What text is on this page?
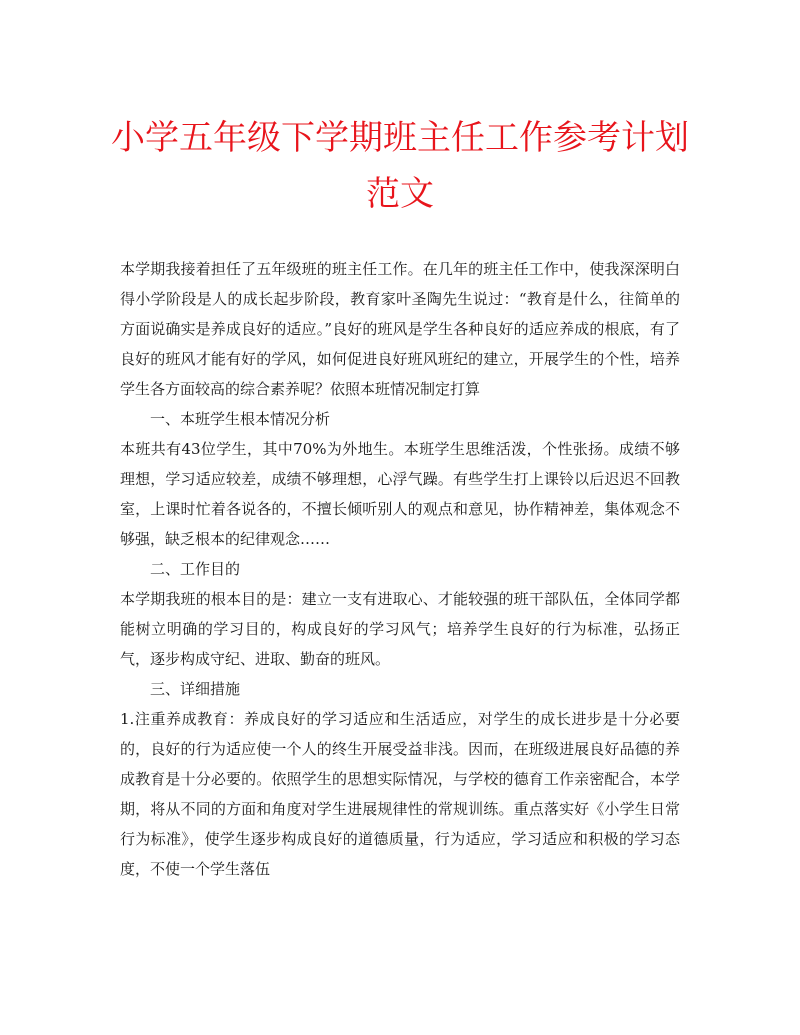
小学五年级下学期班主任工作参考计划范文

本学期我接着担任了五年级班的班主任工作。在几年的班主任工作中，使我深深明白得小学阶段是人的成长起步阶段，教育家叶圣陶先生说过：“教育是什么，往简单的方面说确实是养成良好的适应。”良好的班风是学生各种良好的适应养成的根底，有了良好的班风才能有好的学风，如何促进良好班风班纪的建立，开展学生的个性，培养学生各方面较高的综合素养呢？依照本班情况制定打算

一、本班学生根本情况分析

本班共有43位学生，其中70%为外地生。本班学生思维活泼，个性张扬。成绩不够理想，学习适应较差，成绩不够理想，心浮气躁。有些学生打上课铃以后迟迟不回教室，上课时忙着各说各的，不擅长倾听别人的观点和意见，协作精神差，集体观念不够强，缺乏根本的纪律观念……

二、工作目的

本学期我班的根本目的是：建立一支有进取心、才能较强的班干部队伍，全体同学都能树立明确的学习目的，构成良好的学习风气；培养学生良好的行为标准，弘扬正气，逐步构成守纪、进取、勤奋的班风。

三、详细措施

1.注重养成教育：养成良好的学习适应和生活适应，对学生的成长进步是十分必要的，良好的行为适应使一个人的终生开展受益非浅。因而，在班级进展良好品德的养成教育是十分必要的。依照学生的思想实际情况，与学校的德育工作亲密配合，本学期，将从不同的方面和角度对学生进展规律性的常规训练。重点落实好《小学生日常行为标准》，使学生逐步构成良好的道德质量，行为适应，学习适应和积极的学习态度，不使一个学生落伍
